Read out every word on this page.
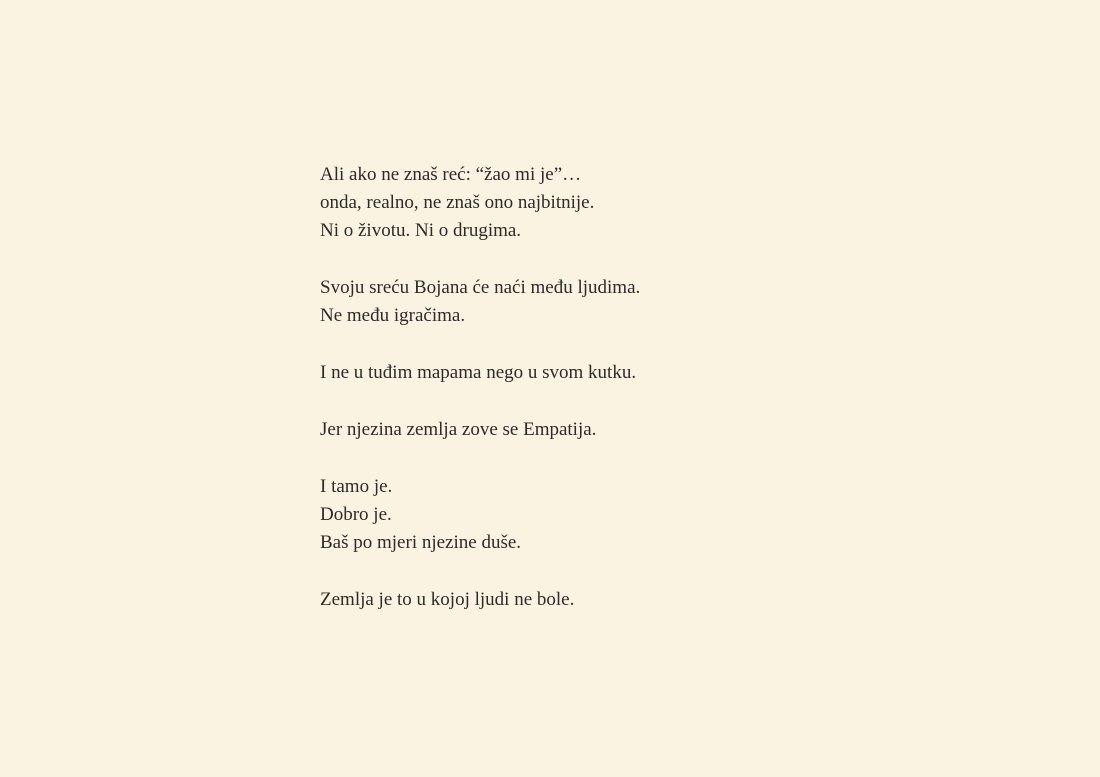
Ali ako ne znaš reć: “žao mi je”…
onda, realno, ne znaš ono najbitnije.
Ni o životu. Ni o drugima.
Svoju sreću Bojana će naći među ljudima.
Ne među igračima.
I ne u tuđim mapama nego u svom kutku.
Jer njezina zemlja zove se Empatija.
I tamo je.
Dobro je.
Baš po mjeri njezine duše.
Zemlja je to u kojoj ljudi ne bole.
